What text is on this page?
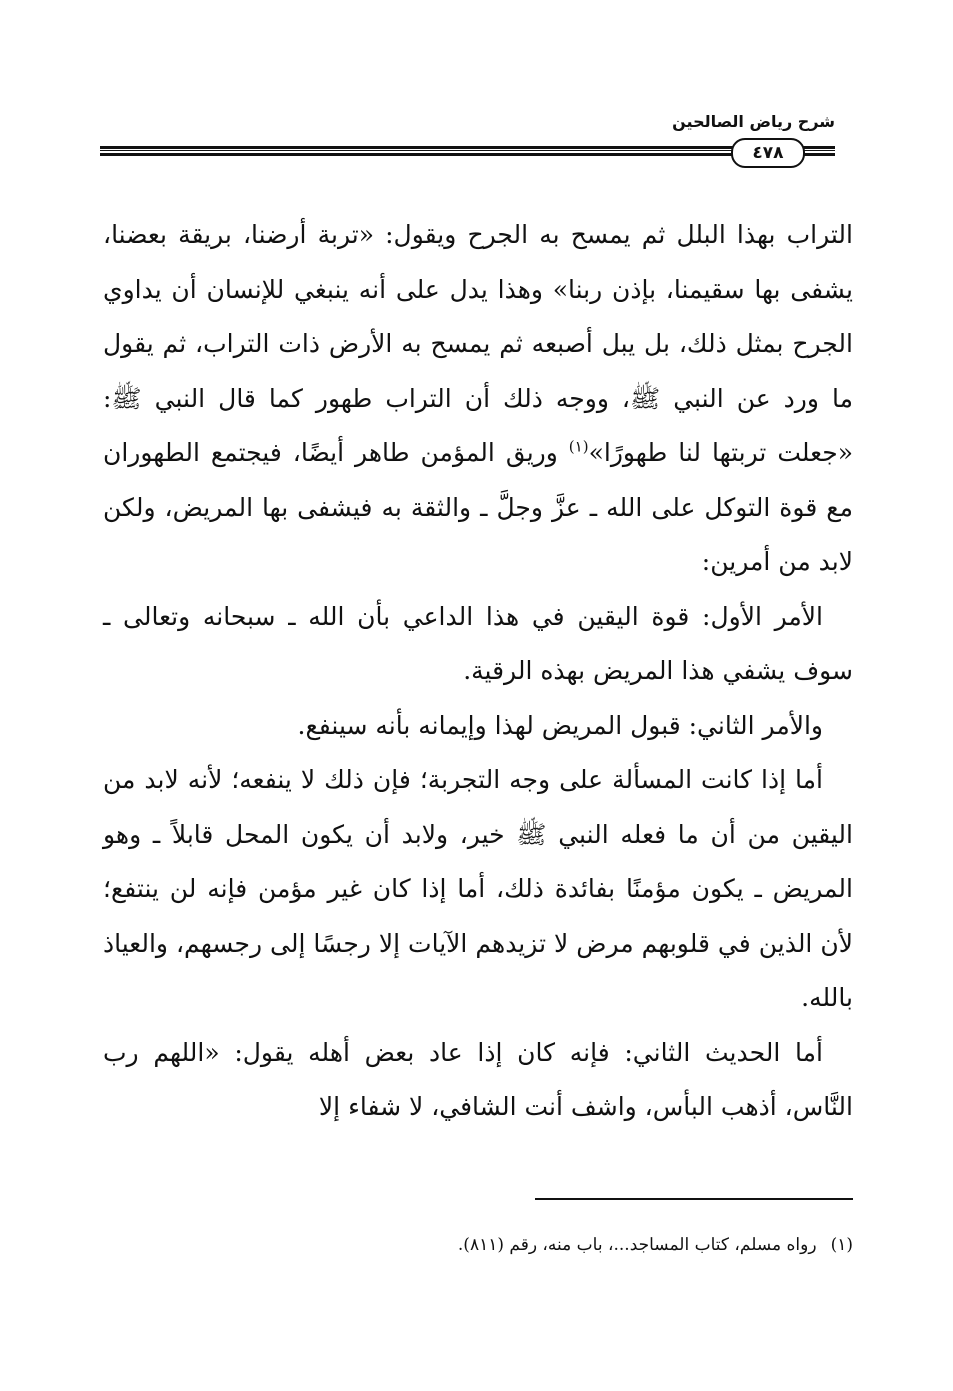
شرح رياض الصالحين
٤٧٨

التراب بهذا البلل ثم يمسح به الجرح ويقول: «تربة أرضنا، بريقة بعضنا، يشفى بها سقيمنا، بإذن ربنا» وهذا يدل على أنه ينبغي للإنسان أن يداوي الجرح بمثل ذلك، بل يبل أصبعه ثم يمسح به الأرض ذات التراب، ثم يقول ما ورد عن النبي ﷺ، ووجه ذلك أن التراب طهور كما قال النبي ﷺ: «جعلت تربتها لنا طهورًا»$^{(١)}$ وريق المؤمن طاهر أيضًا، فيجتمع الطهوران مع قوة التوكل على الله ـ عزَّ وجلَّ ـ والثقة به فيشفى بها المريض، ولكن لابد من أمرين:

الأمر الأول: قوة اليقين في هذا الداعي بأن الله ـ سبحانه وتعالى ـ سوف يشفي هذا المريض بهذه الرقية.

والأمر الثاني: قبول المريض لهذا وإيمانه بأنه سينفع.

أما إذا كانت المسألة على وجه التجربة؛ فإن ذلك لا ينفعه؛ لأنه لابد من اليقين من أن ما فعله النبي ﷺ خير، ولابد أن يكون المحل قابلاً ـ وهو المريض ـ يكون مؤمنًا بفائدة ذلك، أما إذا كان غير مؤمن فإنه لن ينتفع؛ لأن الذين في قلوبهم مرض لا تزيدهم الآيات إلا رجسًا إلى رجسهم، والعياذ بالله.

أما الحديث الثاني: فإنه كان إذا عاد بعض أهله يقول: «اللهم رب النَّاس، أذهب البأس، واشف أنت الشافي، لا شفاء إلا

(١)رواه مسلم، كتاب المساجد...، باب منه، رقم (٨١١).
